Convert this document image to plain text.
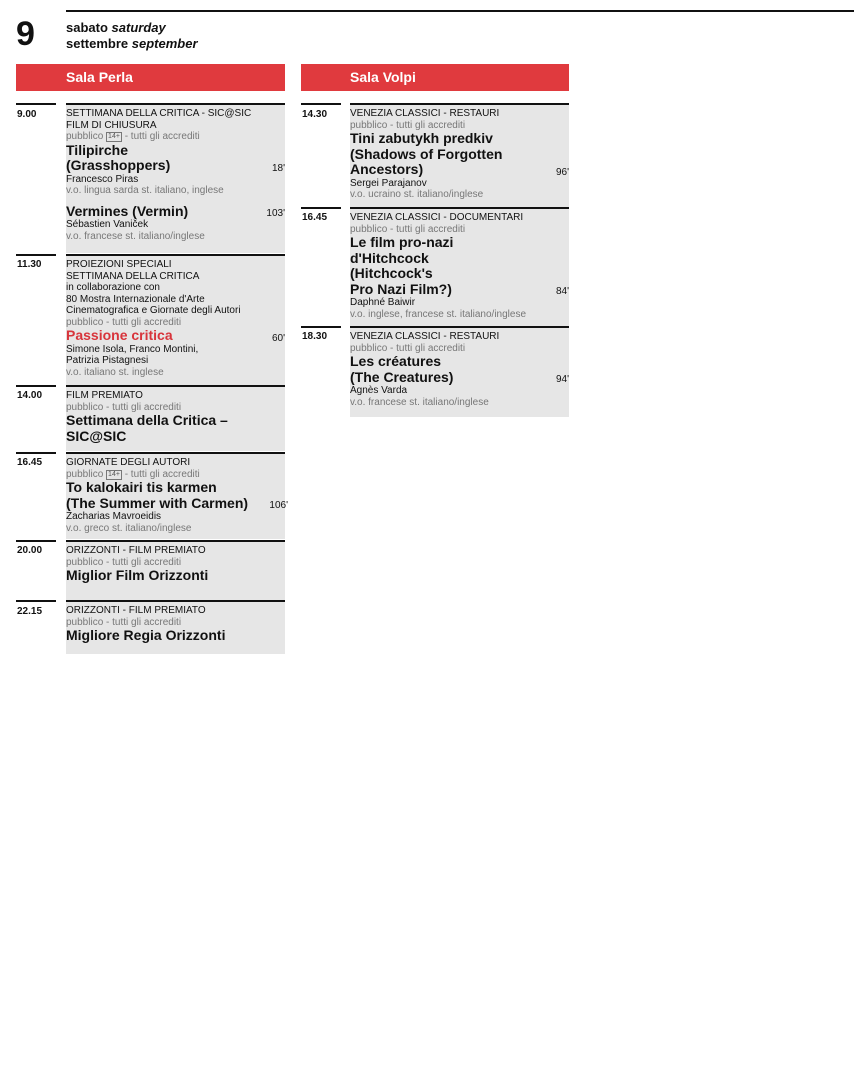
9 sabato saturday
settembre september
Sala Perla	Sala Volpi
9.00	SETTIMANA DELLA CRITICA - SIC@SIC
FILM DI CHIUSURA
pubblico 14+ - tutti gli accrediti
Tilipirche
(Grasshoppers)	18'
Francesco Piras
v.o. lingua sarda st. italiano, inglese
Vermines (Vermin)	103'
Sébastien Vaniček
v.o. francese st. italiano/inglese
11.30 PROIEZIONI SPECIALI
SETTIMANA DELLA CRITICA
in collaborazione con
80 Mostra Internazionale d'Arte
Cinematografica e Giornate degli Autori
pubblico - tutti gli accrediti
Passione critica	60'
Simone Isola, Franco Montini,
Patrizia Pistagnesi
v.o. italiano st. inglese
14.00 FILM PREMIATO
pubblico - tutti gli accrediti
Settimana della Critica –
SIC@SIC
16.45 GIORNATE DEGLI AUTORI
pubblico 14+ - tutti gli accrediti
To kalokairi tis karmen
(The Summer with Carmen)	106'
Zacharias Mavroeidis
v.o. greco st. italiano/inglese
20.00 ORIZZONTI - FILM PREMIATO
pubblico - tutti gli accrediti
Miglior Film Orizzonti
22.15 ORIZZONTI - FILM PREMIATO
pubblico - tutti gli accrediti
Migliore Regia Orizzonti
14.30 VENEZIA CLASSICI - RESTAURI
pubblico - tutti gli accrediti
Tini zabutykh predkiv
(Shadows of Forgotten
Ancestors)	96'
Sergei Parajanov
v.o. ucraino st. italiano/inglese
16.45 VENEZIA CLASSICI - DOCUMENTARI
pubblico - tutti gli accrediti
Le film pro-nazi
d'Hitchcock
(Hitchcock's
Pro Nazi Film?)	84'
Daphné Baiwir
v.o. inglese, francese st. italiano/inglese
18.30 VENEZIA CLASSICI - RESTAURI
pubblico - tutti gli accrediti
Les créatures
(The Creatures)	94'
Agnès Varda
v.o. francese st. italiano/inglese
